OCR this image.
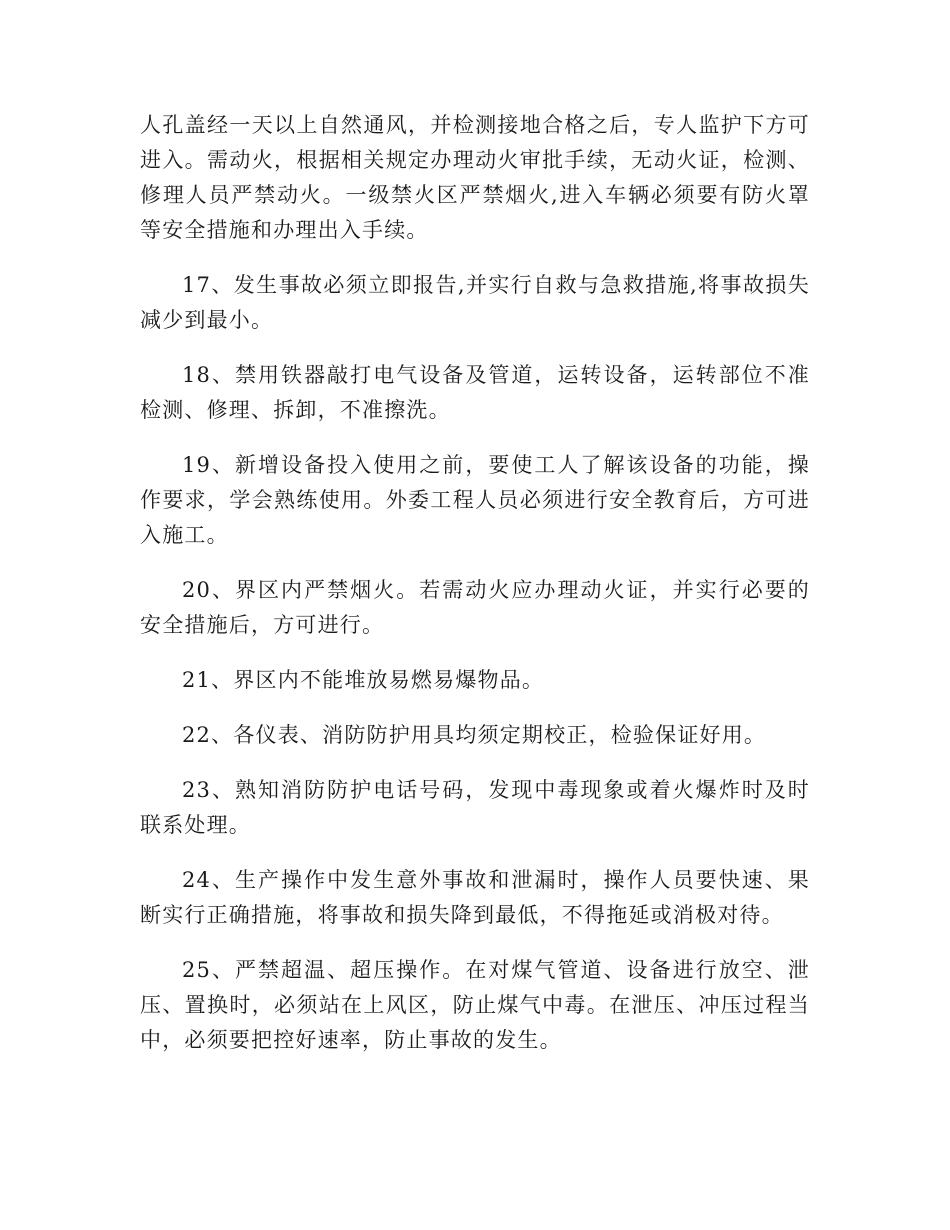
人孔盖经一天以上自然通风，并检测接地合格之后，专人监护下方可进入。需动火，根据相关规定办理动火审批手续，无动火证，检测、修理人员严禁动火。一级禁火区严禁烟火,进入车辆必须要有防火罩等安全措施和办理出入手续。

17、发生事故必须立即报告,并实行自救与急救措施,将事故损失减少到最小。

18、禁用铁器敲打电气设备及管道，运转设备，运转部位不准检测、修理、拆卸，不准擦洗。

19、新增设备投入使用之前，要使工人了解该设备的功能，操作要求，学会熟练使用。外委工程人员必须进行安全教育后，方可进入施工。

20、界区内严禁烟火。若需动火应办理动火证，并实行必要的安全措施后，方可进行。

21、界区内不能堆放易燃易爆物品。

22、各仪表、消防防护用具均须定期校正，检验保证好用。

23、熟知消防防护电话号码，发现中毒现象或着火爆炸时及时联系处理。

24、生产操作中发生意外事故和泄漏时，操作人员要快速、果断实行正确措施，将事故和损失降到最低，不得拖延或消极对待。

25、严禁超温、超压操作。在对煤气管道、设备进行放空、泄压、置换时，必须站在上风区，防止煤气中毒。在泄压、冲压过程当中，必须要把控好速率，防止事故的发生。
